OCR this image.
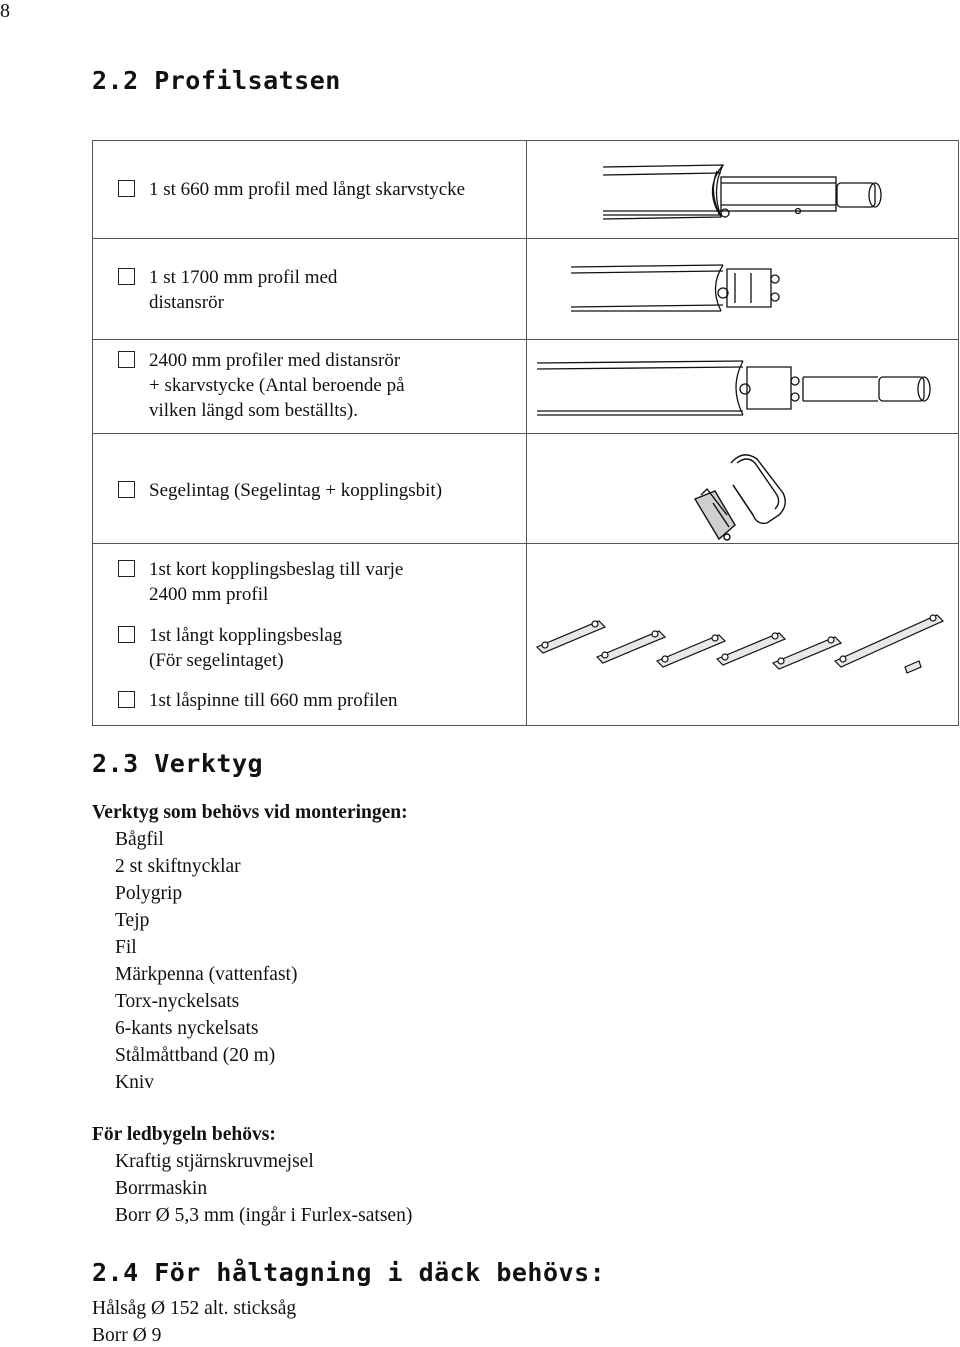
8
2.2 Profilsatsen
1 st 660 mm profil med långt skarvstycke
1 st 1700 mm profil med
distansrör
2400 mm profiler med distansrör
+ skarvstycke (Antal beroende på
vilken längd som beställts).
Segelintag (Segelintag + kopplingsbit)
1st kort kopplingsbeslag till varje
2400 mm profil
1st långt kopplingsbeslag
(För segelintaget)
1st låspinne till 660 mm profilen
2.3 Verktyg
Verktyg som behövs vid monteringen:
Bågfil
2 st skiftnycklar
Polygrip
Tejp
Fil
Märkpenna (vattenfast)
Torx-nyckelsats
6-kants nyckelsats
Stålmåttband (20 m)
Kniv
För ledbygeln behövs:
Kraftig stjärnskruvmejsel
Borrmaskin
Borr Ø 5,3 mm (ingår i Furlex-satsen)
2.4 För håltagning i däck behövs:
Hålsåg Ø 152 alt. sticksåg
Borr Ø 9
